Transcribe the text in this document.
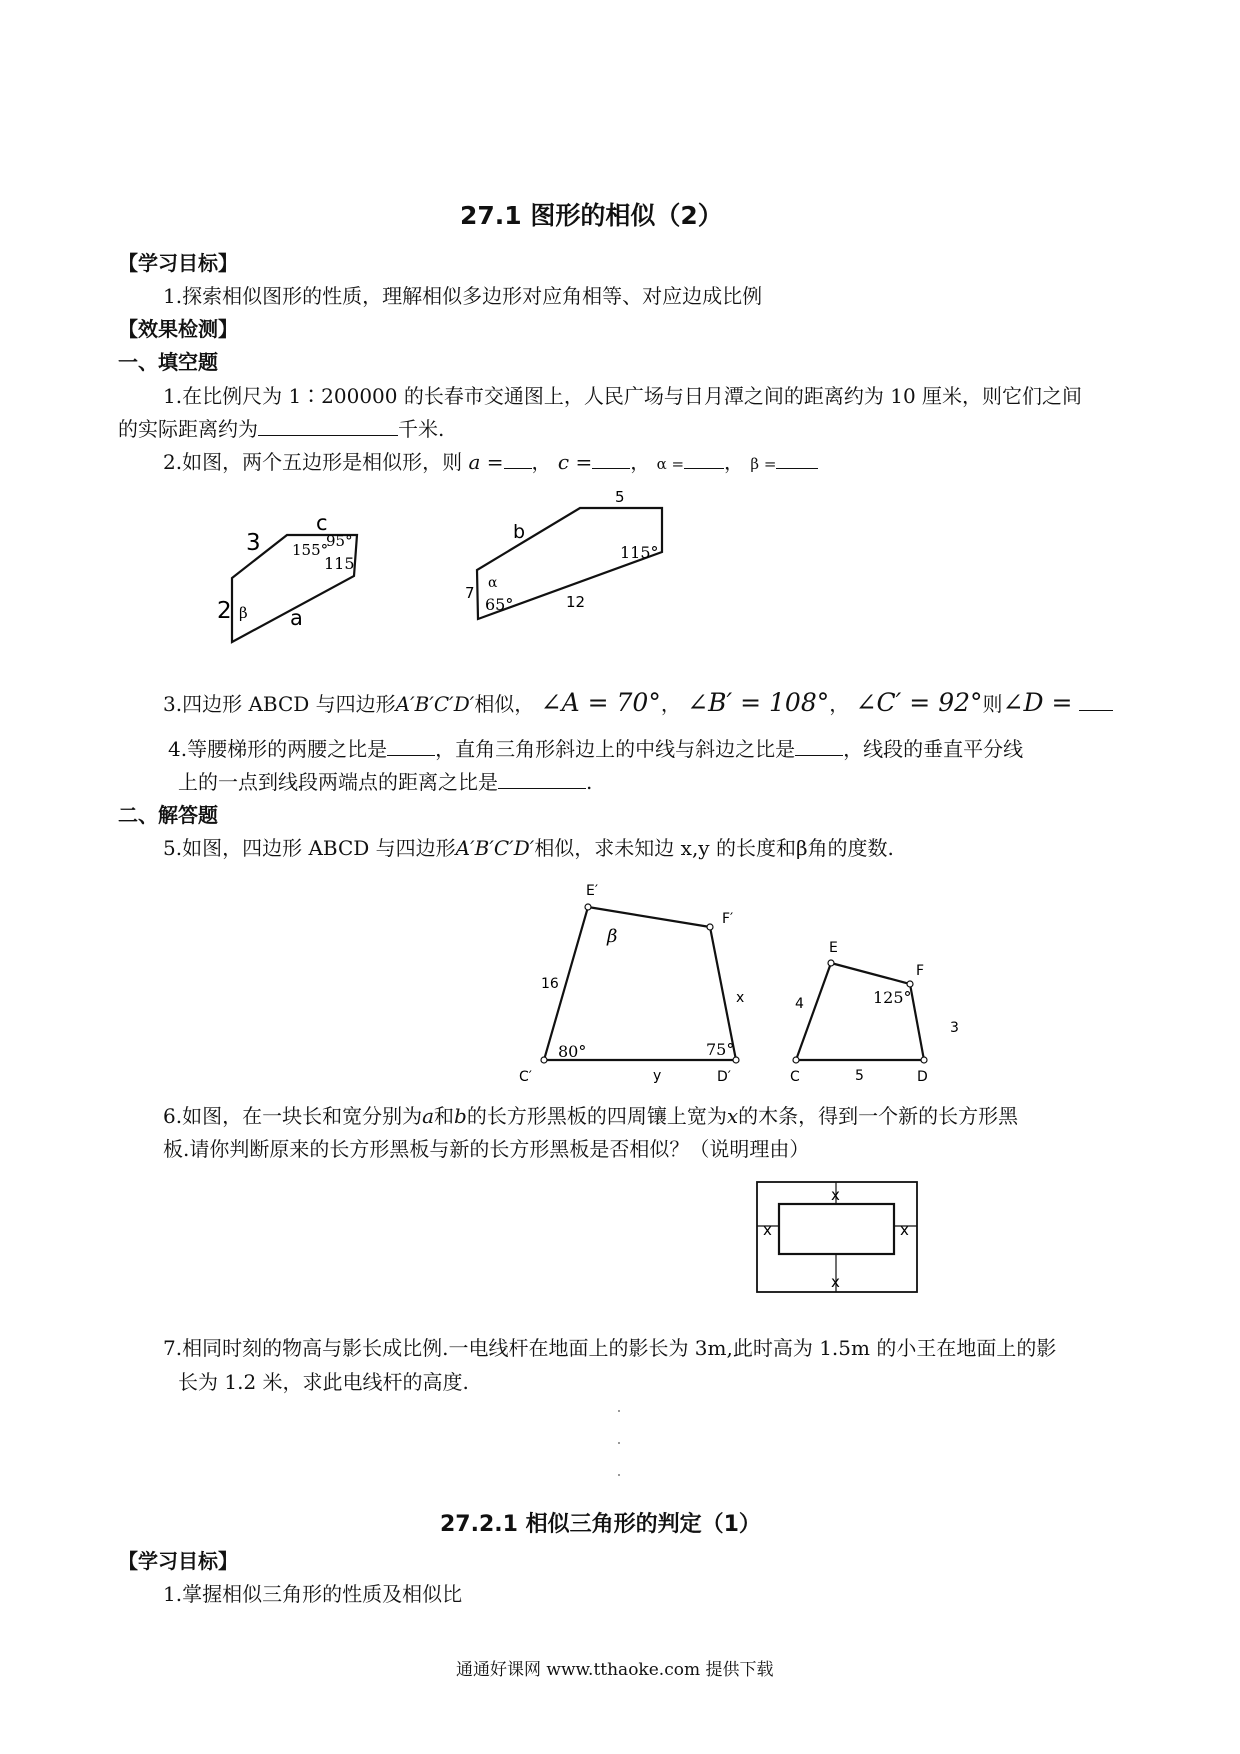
27.1 图形的相似（2）
【学习目标】
1.探索相似图形的性质，理解相似多边形对应角相等、对应边成比例
【效果检测】
一、填空题
1.在比例尺为 1∶200000 的长春市交通图上，人民广场与日月潭之间的距离约为 10 厘米，则它们之间
的实际距离约为	千米.
2.如图，两个五边形是相似形，则 a = ， c = ， α = ， β =
c
3 155°
95°
115
2 β a
5
b
115°
7
α
65°	12
3.四边形 ABCD 与四边形A′B′C′D′相似， ∠A = 70°， ∠B′ = 108°， ∠C′ = 92°则∠D =
4.等腰梯形的两腰之比是 ，直角三角形斜边上的中线与斜边之比是 ，线段的垂直平分线
上的一点到线段两端点的距离之比是	.
二、解答题
5.如图，四边形 ABCD 与四边形A′B′C′D′相似，求未知边 x,y 的长度和β角的度数.
E′
F′
C′	D′
β
16
x
y
80°	75°
E
F
C	D
4
3
5
125°
6.如图，在一块长和宽分别为a和b的长方形黑板的四周镶上宽为x的木条，得到一个新的长方形黑
板.请你判断原来的长方形黑板与新的长方形黑板是否相似？（说明理由）
x
x	x
x
7.相同时刻的物高与影长成比例.一电线杆在地面上的影长为 3m,此时高为 1.5m 的小王在地面上的影
长为 1.2 米，求此电线杆的高度.
27.2.1 相似三角形的判定（1）
【学习目标】
1.掌握相似三角形的性质及相似比
通通好课网 www.tthaoke.com 提供下载
